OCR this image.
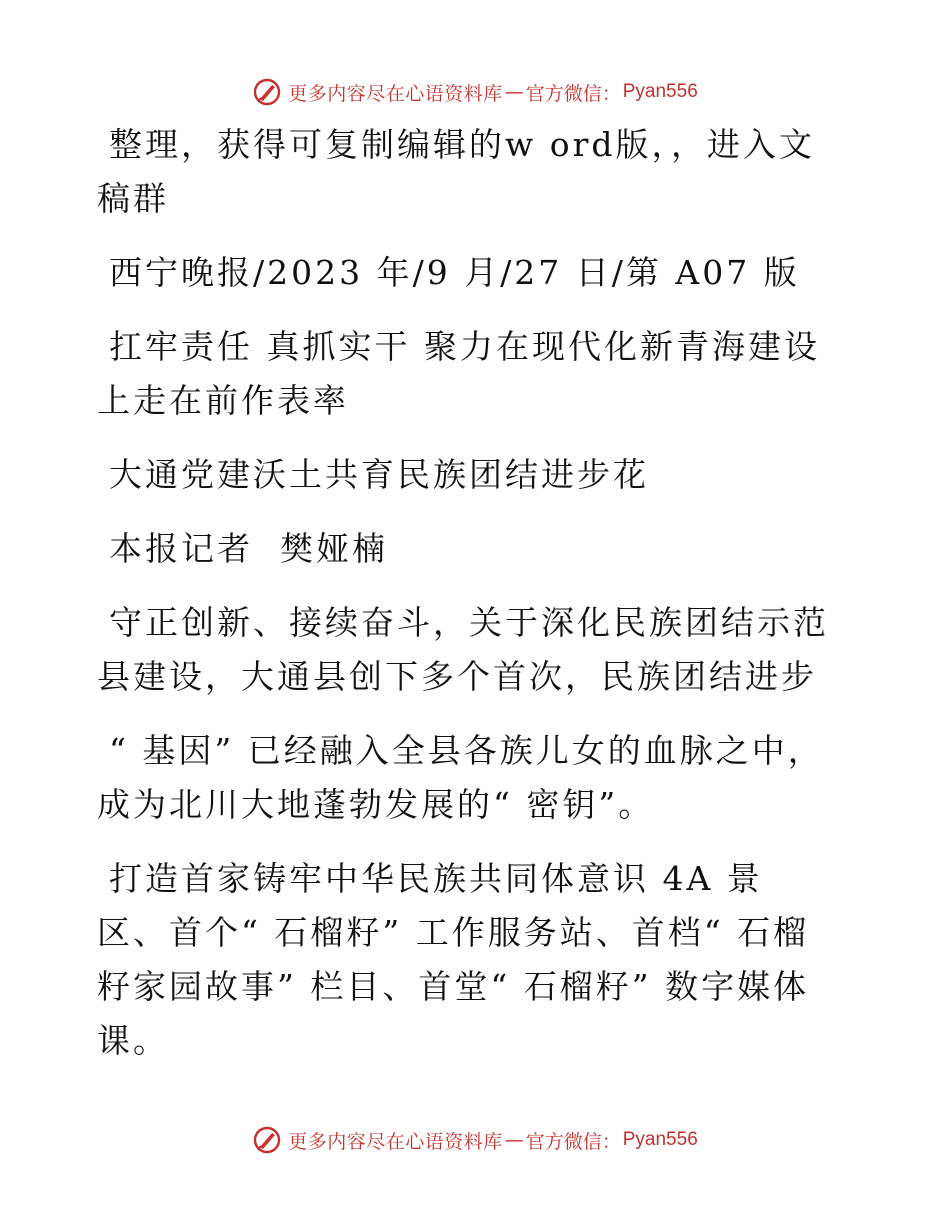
更多内容尽在心语资料库 — 官方微信： Pyan556

整理，获得可复制编辑的w ord版，，进入文稿群

西宁晚报/2023 年/9 月/27 日/第 A07 版

扛牢责任 真抓实干 聚力在现代化新青海建设上走在前作表率

大通党建沃土共育民族团结进步花

本报记者  樊娅楠

守正创新、接续奋斗，关于深化民族团结示范县建设，大通县创下多个首次，民族团结进步

“ 基因” 已经融入全县各族儿女的血脉之中，成为北川大地蓬勃发展的“ 密钥”。

打造首家铸牢中华民族共同体意识 4A 景区、首个“ 石榴籽” 工作服务站、首档“ 石榴籽家园故事” 栏目、首堂“ 石榴籽” 数字媒体课。

更多内容尽在心语资料库 — 官方微信： Pyan556
